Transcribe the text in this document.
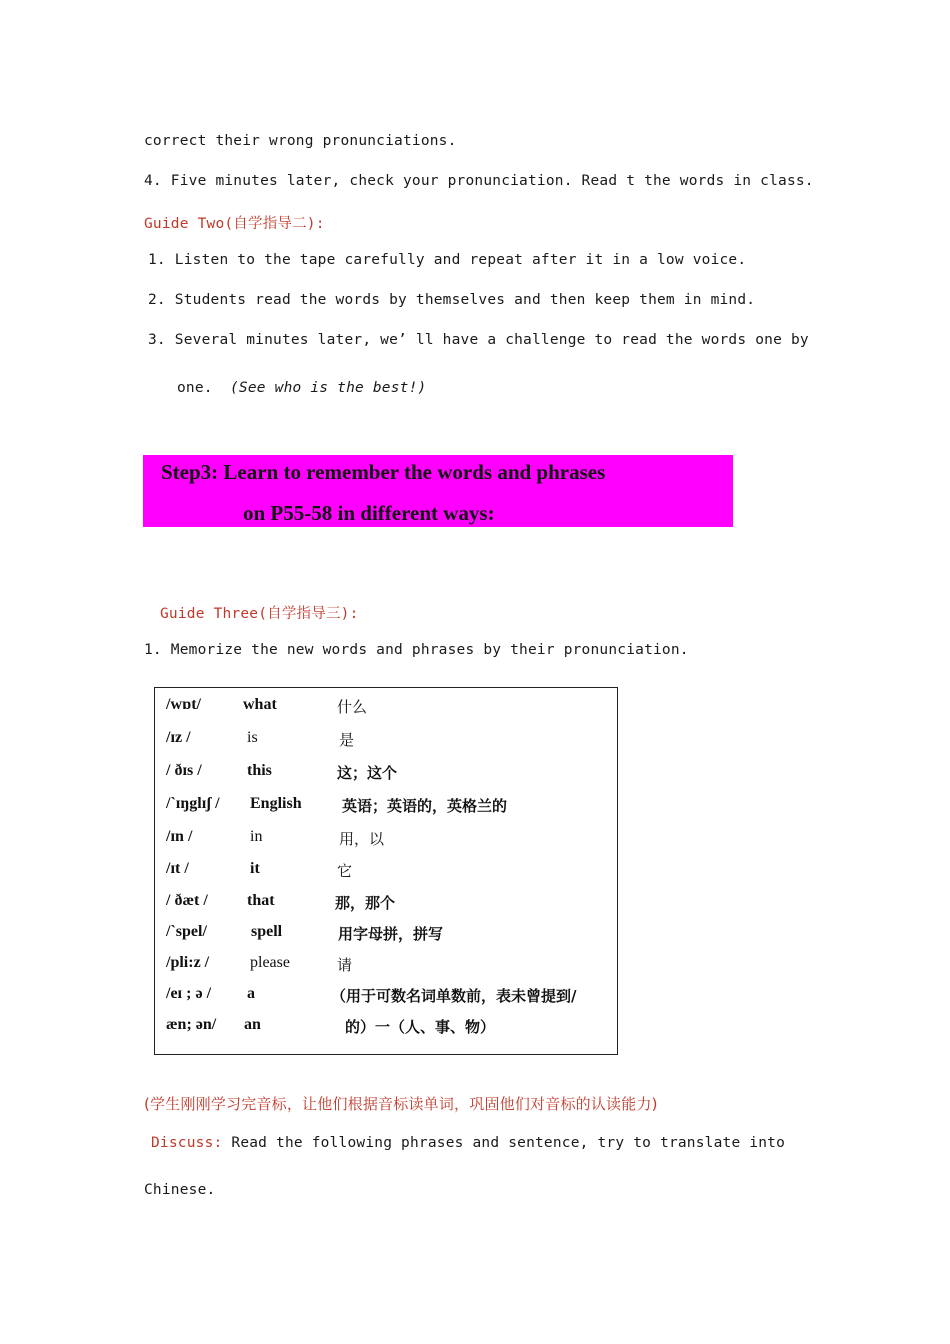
correct their wrong pronunciations.
4. Five minutes later, check your pronunciation. Read t the words in class.
Guide Two(自学指导二):
1. Listen to the tape carefully and repeat after it in a low voice.
2. Students read the words by themselves and then keep them in mind.
3. Several minutes later, we’ ll have a challenge to read the words one by
one. (See who is the best!)
Step3: Learn to remember the words and phrases
on P55-58 in different ways:
Guide Three(自学指导三):
1. Memorize the new words and phrases by their pronunciation.
/wɒt/	what	什么
/ɪz /	is	是
/ ðɪs /	this	这；这个
/ˋɪŋglɪʃ / English	英语；英语的，英格兰的
/ɪn /	in	用，以
/ɪt /	it	它
/ ðæt / that	那，那个
/ˋspel/	spell	用字母拼，拼写
/pli:z /	please	请
/eɪ ; ə / a	（用于可数名词单数前，表未曾提到/
æn; ən/ an	的）一（人、事、物）
(学生刚刚学习完音标，让他们根据音标读单词，巩固他们对音标的认读能力)
Discuss: Read the following phrases and sentence, try to translate into
Chinese.
